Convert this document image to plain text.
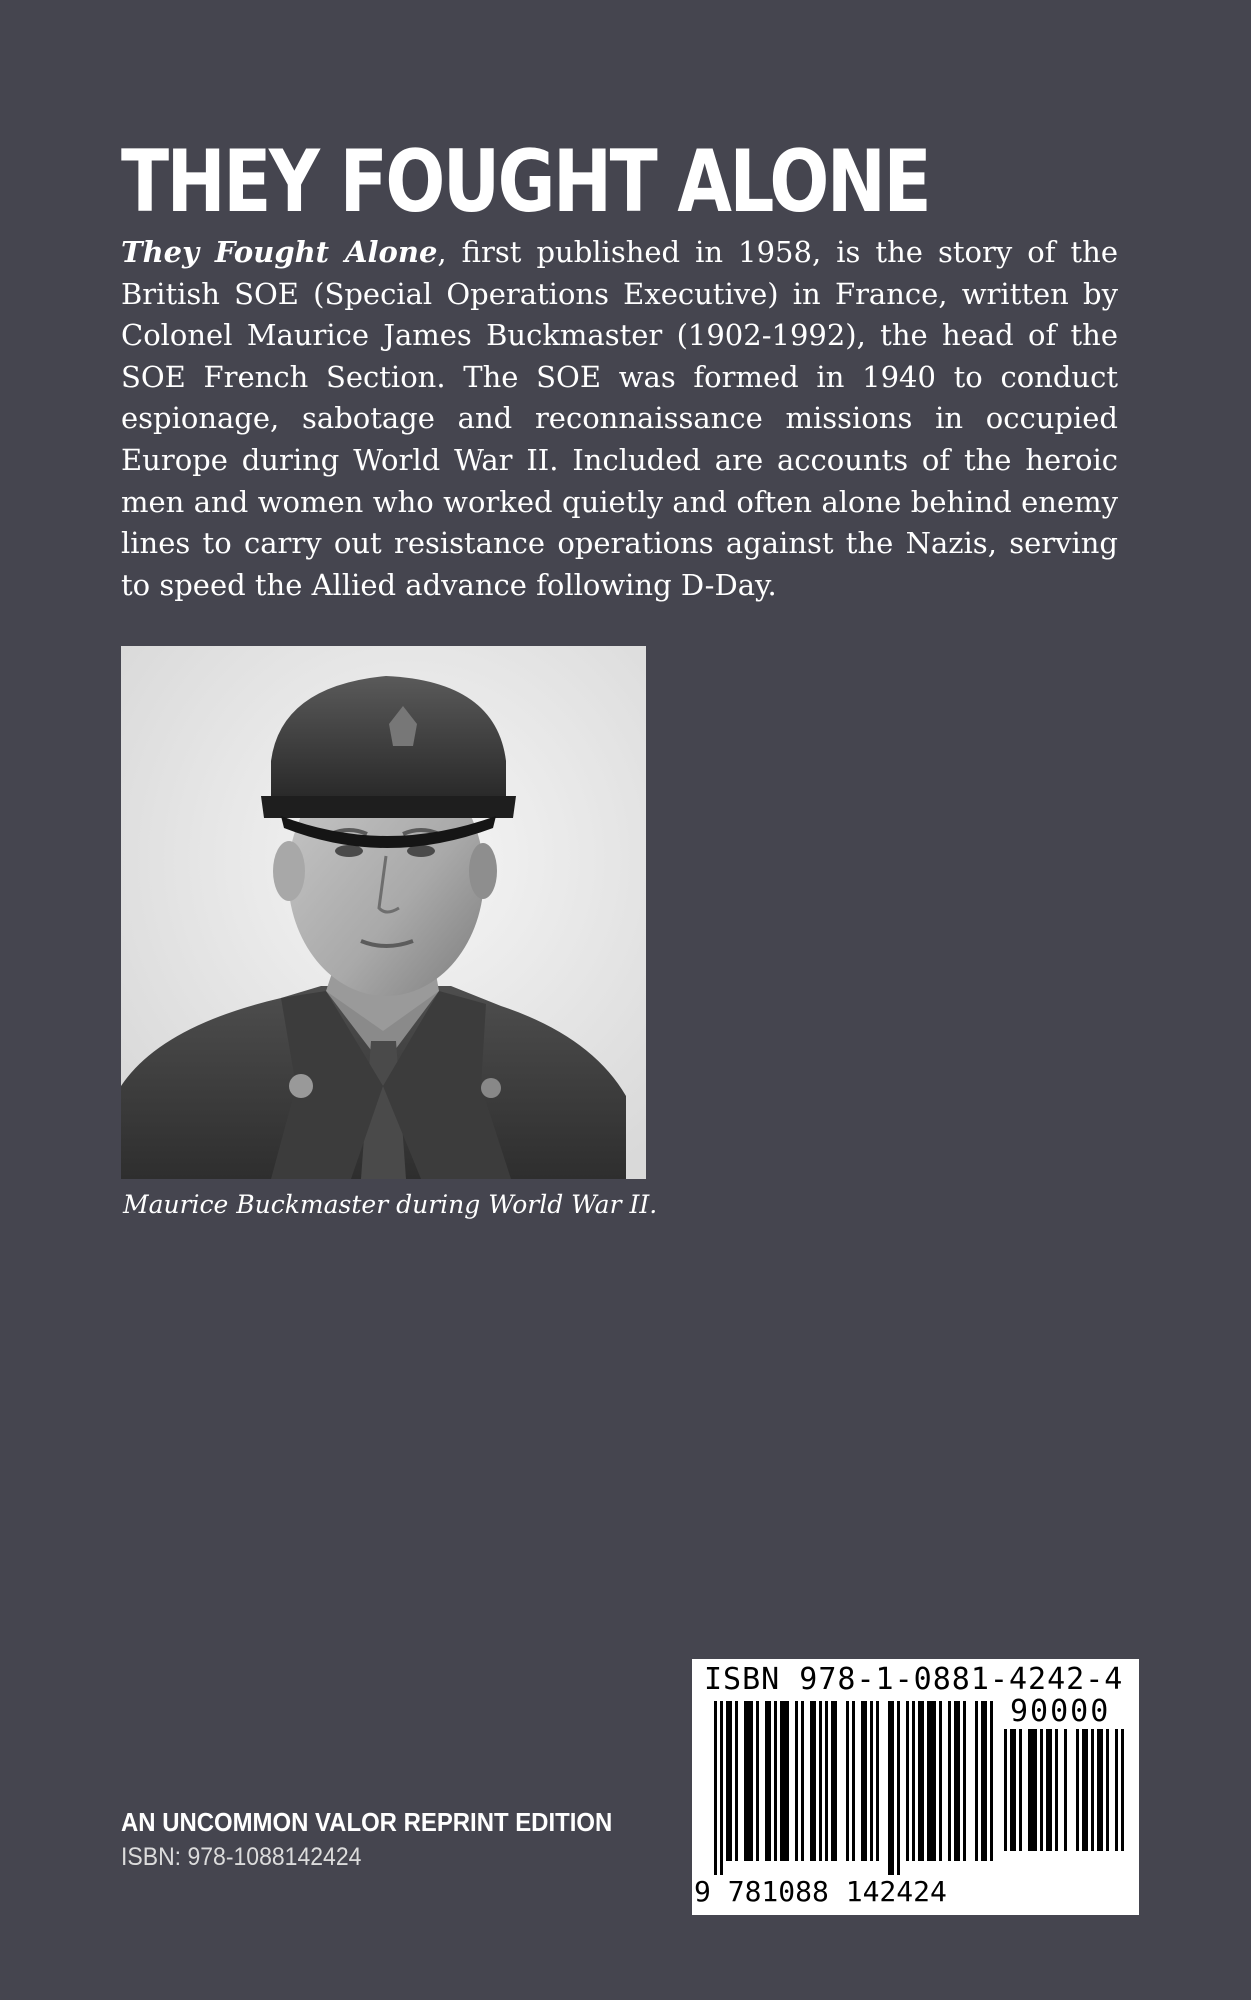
THEY FOUGHT ALONE

They Fought Alone, first published in 1958, is the story of the British SOE (Special Operations Executive) in France, written by Colonel Maurice James Buckmaster (1902-1992), the head of the SOE French Section. The SOE was formed in 1940 to conduct espionage, sabotage and reconnaissance missions in occupied Europe during World War II. Included are accounts of the heroic men and women who worked quietly and often alone behind enemy lines to carry out resistance operations against the Nazis, serving to speed the Allied advance following D-Day.

Maurice Buckmaster during World War II.

AN UNCOMMON VALOR REPRINT EDITION

ISBN: 978-1088142424

ISBN 978-1-0881-4242-4
90000
9 781088 142424
